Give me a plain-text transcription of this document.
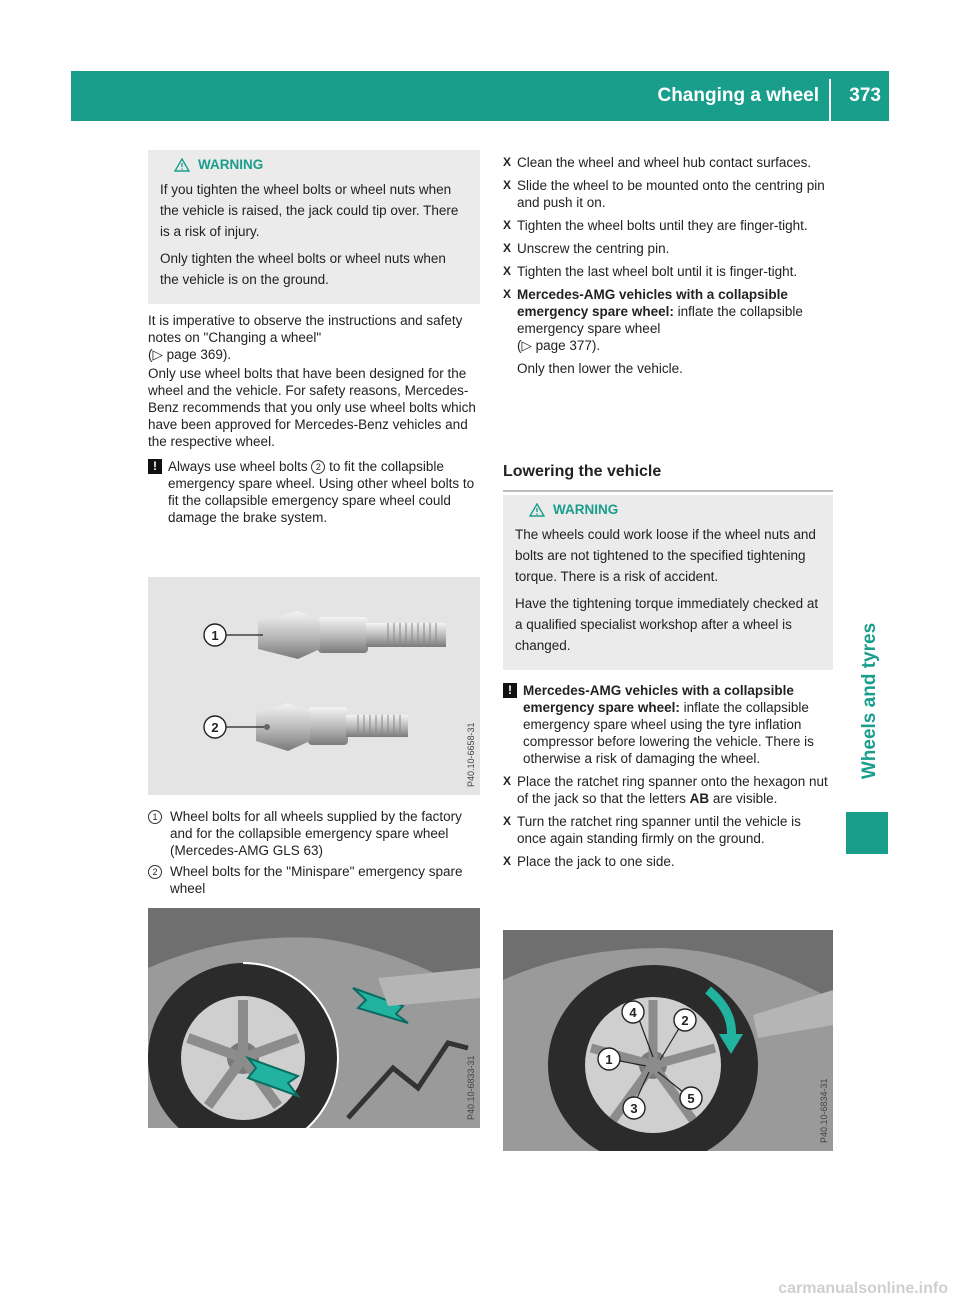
Changing a wheel 373
Wheels and tyres
WARNING

If you tighten the wheel bolts or wheel nuts when the vehicle is raised, the jack could tip over. There is a risk of injury.

Only tighten the wheel bolts or wheel nuts when the vehicle is on the ground.

It is imperative to observe the instructions and safety notes on "Changing a wheel"
(▷ page 369).

Only use wheel bolts that have been designed for the wheel and the vehicle. For safety reasons, Mercedes-Benz recommends that you only use wheel bolts which have been approved for Mercedes-Benz vehicles and the respective wheel.

! Always use wheel bolts 2 to fit the collapsible emergency spare wheel. Using other wheel bolts to fit the collapsible emergency spare wheel could damage the brake system.

1
2	P40.10-6658-31
1 Wheel bolts for all wheels supplied by the factory and for the collapsible emergency spare wheel (Mercedes-AMG GLS 63)

2 Wheel bolts for the "Minispare" emergency spare wheel

P40.10-6833-31
X Clean the wheel and wheel hub contact surfaces.

X Slide the wheel to be mounted onto the centring pin and push it on.

X Tighten the wheel bolts until they are finger-tight.

X Unscrew the centring pin.

X Tighten the last wheel bolt until it is finger-tight.

X Mercedes-AMG vehicles with a collapsible emergency spare wheel: inflate the collapsible emergency spare wheel
(▷ page 377).
Only then lower the vehicle.

Lowering the vehicle
WARNING

The wheels could work loose if the wheel nuts and bolts are not tightened to the specified tightening torque. There is a risk of accident.

Have the tightening torque immediately checked at a qualified specialist workshop after a wheel is changed.

! Mercedes-AMG vehicles with a collapsible emergency spare wheel: inflate the collapsible emergency spare wheel using the tyre inflation compressor before lowering the vehicle. There is otherwise a risk of damaging the wheel.

X Place the ratchet ring spanner onto the hexagon nut of the jack so that the letters AB are visible.

X Turn the ratchet ring spanner until the vehicle is once again standing firmly on the ground.

X Place the jack to one side.

1
2
3
4
5	P40.10-6834-31
carmanualsonline.info
